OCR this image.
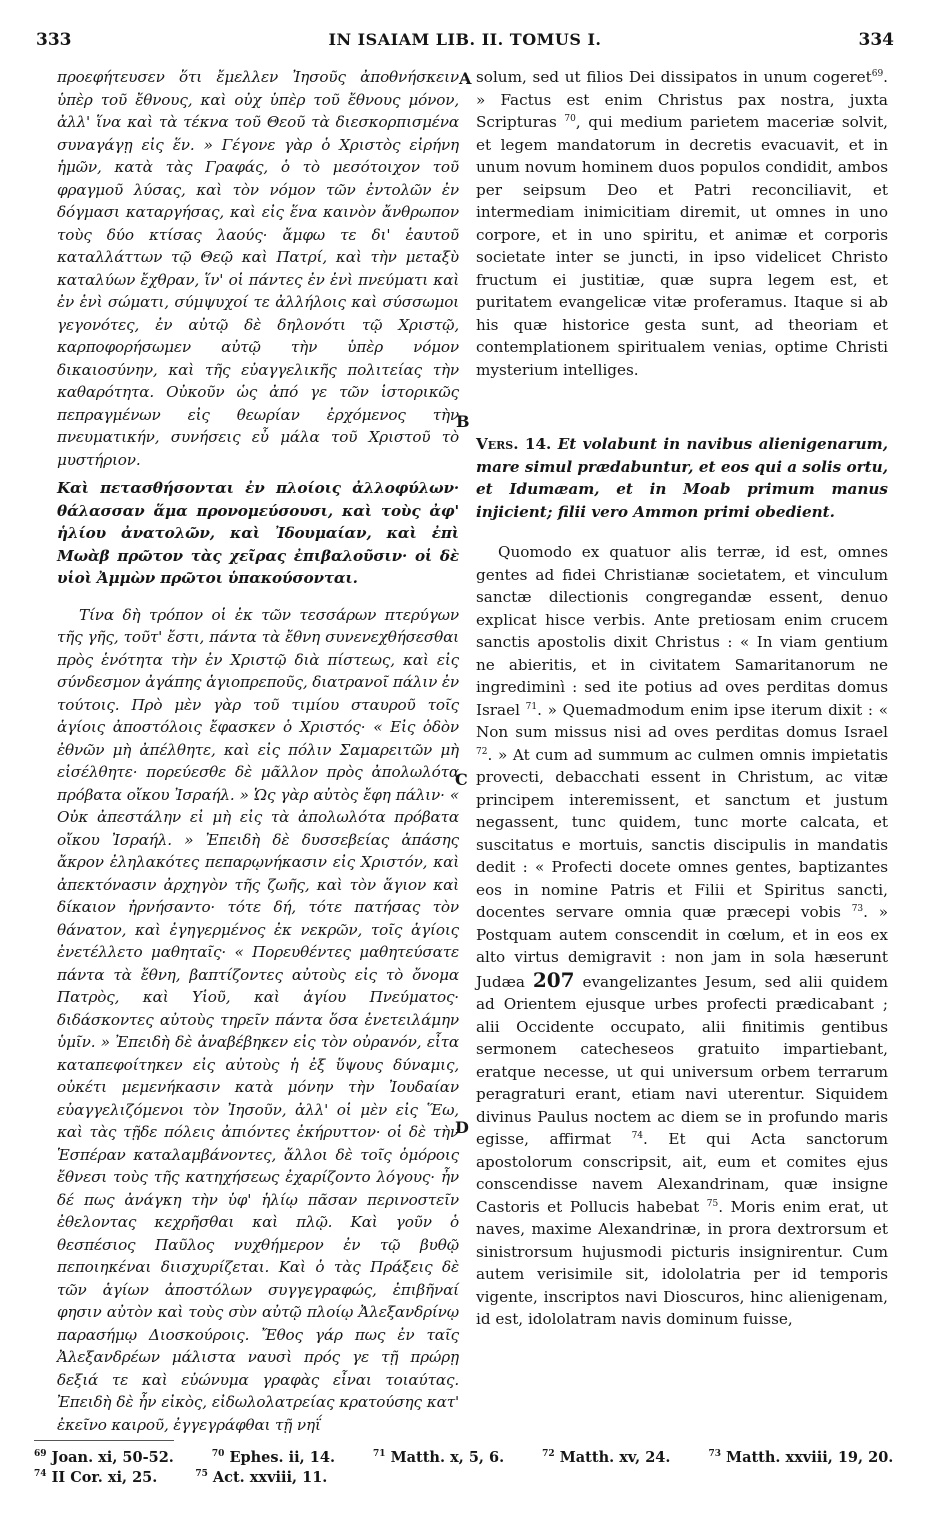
333	IN ISAIAM LIB. II. TOMUS I.	334
A
B
C
D

προεφήτευσεν ὅτι ἔμελλεν Ἰησοῦς ἀποθνήσκειν ὑπὲρ τοῦ ἔθνους, καὶ οὐχ ὑπὲρ τοῦ ἔθνους μόνον, ἀλλ' ἵνα καὶ τὰ τέκνα τοῦ Θεοῦ τὰ διεσκορπισμένα συναγάγῃ εἰς ἕν. » Γέγονε γὰρ ὁ Χριστὸς εἰρήνη ἡμῶν, κατὰ τὰς Γραφάς, ὁ τὸ μεσότοιχον τοῦ φραγμοῦ λύσας, καὶ τὸν νόμον τῶν ἐντολῶν ἐν δόγμασι καταργήσας, καὶ εἰς ἕνα καινὸν ἄνθρωπον τοὺς δύο κτίσας λαούς· ἄμφω τε δι' ἑαυτοῦ καταλλάττων τῷ Θεῷ καὶ Πατρί, καὶ τὴν μεταξὺ καταλύων ἔχθραν, ἵν' οἱ πάντες ἐν ἑνὶ πνεύματι καὶ ἐν ἑνὶ σώματι, σύμψυχοί τε ἀλλήλοις καὶ σύσσωμοι γεγονότες, ἐν αὐτῷ δὲ δηλονότι τῷ Χριστῷ, καρποφορήσωμεν αὐτῷ τὴν ὑπὲρ νόμον δικαιοσύνην, καὶ τῆς εὐαγγελικῆς πολιτείας τὴν καθαρότητα. Οὐκοῦν ὡς ἀπό γε τῶν ἱστορικῶς πεπραγμένων εἰς θεωρίαν ἐρχόμενος τὴν πνευματικήν, συνήσεις εὖ μάλα τοῦ Χριστοῦ τὸ μυστήριον.

Καὶ πετασθήσονται ἐν πλοίοις ἀλλοφύλων· θάλασσαν ἅμα προνομεύσουσι, καὶ τοὺς ἀφ' ἡλίου ἀνατολῶν, καὶ Ἰδουμαίαν, καὶ ἐπὶ Μωὰβ πρῶτον τὰς χεῖρας ἐπιβαλοῦσιν· οἱ δὲ υἱοὶ Ἀμμὼν πρῶτοι ὑπακούσονται.

Τίνα δὴ τρόπον οἱ ἐκ τῶν τεσσάρων πτερύγων τῆς γῆς, τοῦτ' ἔστι, πάντα τὰ ἔθνη συνενεχθήσεσθαι πρὸς ἑνότητα τὴν ἐν Χριστῷ διὰ πίστεως, καὶ εἰς σύνδεσμον ἀγάπης ἁγιοπρεποῦς, διατρανοῖ πάλιν ἐν τούτοις. Πρὸ μὲν γὰρ τοῦ τιμίου σταυροῦ τοῖς ἁγίοις ἀποστόλοις ἔφασκεν ὁ Χριστός· « Εἰς ὁδὸν ἐθνῶν μὴ ἀπέλθητε, καὶ εἰς πόλιν Σαμαρειτῶν μὴ εἰσέλθητε· πορεύεσθε δὲ μᾶλλον πρὸς ἀπολωλότα πρόβατα οἴκου Ἰσραήλ. » Ὡς γὰρ αὐτὸς ἔφη πάλιν· « Οὐκ ἀπεστάλην εἰ μὴ εἰς τὰ ἀπολωλότα πρόβατα οἴκου Ἰσραήλ. » Ἐπειδὴ δὲ δυσσεβείας ἁπάσης ἄκρον ἐληλακότες πεπαρῳνήκασιν εἰς Χριστόν, καὶ ἀπεκτόνασιν ἀρχηγὸν τῆς ζωῆς, καὶ τὸν ἅγιον καὶ δίκαιον ἠρνήσαντο· τότε δή, τότε πατήσας τὸν θάνατον, καὶ ἐγηγερμένος ἐκ νεκρῶν, τοῖς ἁγίοις ἐνετέλλετο μαθηταῖς· « Πορευθέντες μαθητεύσατε πάντα τὰ ἔθνη, βαπτίζοντες αὐτοὺς εἰς τὸ ὄνομα Πατρὸς, καὶ Υἱοῦ, καὶ ἁγίου Πνεύματος· διδάσκοντες αὐτοὺς τηρεῖν πάντα ὅσα ἐνετειλάμην ὑμῖν. » Ἐπειδὴ δὲ ἀναβέβηκεν εἰς τὸν οὐρανόν, εἶτα καταπεφοίτηκεν εἰς αὐτοὺς ἡ ἐξ ὕψους δύναμις, οὐκέτι μεμενήκασιν κατὰ μόνην τὴν Ἰουδαίαν εὐαγγελιζόμενοι τὸν Ἰησοῦν, ἀλλ' οἱ μὲν εἰς Ἕω, καὶ τὰς τῇδε πόλεις ἀπιόντες ἐκήρυττον· οἱ δὲ τὴν Ἑσπέραν καταλαμβάνοντες, ἄλλοι δὲ τοῖς ὁμόροις ἔθνεσι τοὺς τῆς κατηχήσεως ἐχαρίζοντο λόγους· ἦν δέ πως ἀνάγκη τὴν ὑφ' ἡλίῳ πᾶσαν περινοστεῖν ἐθελοντας κεχρῆσθαι καὶ πλῷ. Καὶ γοῦν ὁ θεσπέσιος Παῦλος νυχθήμερον ἐν τῷ βυθῷ πεποιηκέναι διισχυρίζεται. Καὶ ὁ τὰς Πράξεις δὲ τῶν ἁγίων ἀποστόλων συγγεγραφώς, ἐπιβῆναί φησιν αὐτὸν καὶ τοὺς σὺν αὐτῷ πλοίῳ Ἀλεξανδρίνῳ παρασήμῳ Διοσκούροις. Ἔθος γάρ πως ἐν ταῖς Ἀλεξανδρέων μάλιστα ναυσὶ πρός γε τῇ πρώρῃ δεξιά τε καὶ εὐώνυμα γραφὰς εἶναι τοιαύτας. Ἐπειδὴ δὲ ἦν εἰκὸς, εἰδωλολατρείας κρατούσης κατ' ἐκεῖνο καιροῦ, ἐγγεγράφθαι τῇ νηΐ

solum, sed ut filios Dei dissipatos in unum cogeret$^{69}$. » Factus est enim Christus pax nostra, juxta Scripturas $^{70}$, qui medium parietem maceriæ solvit, et legem mandatorum in decretis evacuavit, et in unum novum hominem duos populos condidit, ambos per seipsum Deo et Patri reconciliavit, et intermediam inimicitiam diremit, ut omnes in uno corpore, et in uno spiritu, et animæ et corporis societate inter se juncti, in ipso videlicet Christo fructum ei justitiæ, quæ supra legem est, et puritatem evangelicæ vitæ proferamus. Itaque si ab his quæ historice gesta sunt, ad theoriam et contemplationem spiritualem venias, optime Christi mysterium intelliges.

Vers. 14. Et volabunt in navibus alienigenarum, mare simul prædabuntur, et eos qui a solis ortu, et Idumæam, et in Moab primum manus injicient; filii vero Ammon primi obedient.

Quomodo ex quatuor alis terræ, id est, omnes gentes ad fidei Christianæ societatem, et vinculum sanctæ dilectionis congregandæ essent, denuo explicat hisce verbis. Ante pretiosam enim crucem sanctis apostolis dixit Christus : « In viam gentium ne abieritis, et in civitatem Samaritanorum ne ingrediminì : sed ite potius ad oves perditas domus Israel $^{71}$. » Quemadmodum enim ipse iterum dixit : « Non sum missus nisi ad oves perditas domus Israel $^{72}$. » At cum ad summum ac culmen omnis impietatis provecti, debacchati essent in Christum, ac vitæ principem interemissent, et sanctum et justum negassent, tunc quidem, tunc morte calcata, et suscitatus e mortuis, sanctis discipulis in mandatis dedit : « Profecti docete omnes gentes, baptizantes eos in nomine Patris et Filii et Spiritus sancti, docentes servare omnia quæ præcepi vobis $^{73}$. » Postquam autem conscendit in cœlum, et in eos ex alto virtus demigravit : non jam in sola hæserunt Judæa 207 evangelizantes Jesum, sed alii quidem ad Orientem ejusque urbes profecti prædicabant ; alii Occidente occupato, alii finitimis gentibus sermonem catecheseos gratuito impartiebant, eratque necesse, ut qui universum orbem terrarum peragraturi erant, etiam navi uterentur. Siquidem divinus Paulus noctem ac diem se in profundo maris egisse, affirmat $^{74}$. Et qui Acta sanctorum apostolorum conscripsit, ait, eum et comites ejus conscendisse navem Alexandrinam, quæ insigne Castoris et Pollucis habebat $^{75}$. Moris enim erat, ut naves, maxime Alexandrinæ, in prora dextrorsum et sinistrorsum hujusmodi picturis insignirentur. Cum autem verisimile sit, idololatria per id temporis vigente, inscriptos navi Dioscuros, hinc alienigenam, id est, idololatram navis dominum fuisse,

$^{69}$ Joan. xi, 50-52.	$^{70}$ Ephes. ii, 14.	$^{71}$ Matth. x, 5, 6.	$^{72}$ Matth. xv, 24.	$^{73}$ Matth. xxviii, 19, 20.
$^{74}$ II Cor. xi, 25.	$^{75}$ Act. xxviii, 11.
